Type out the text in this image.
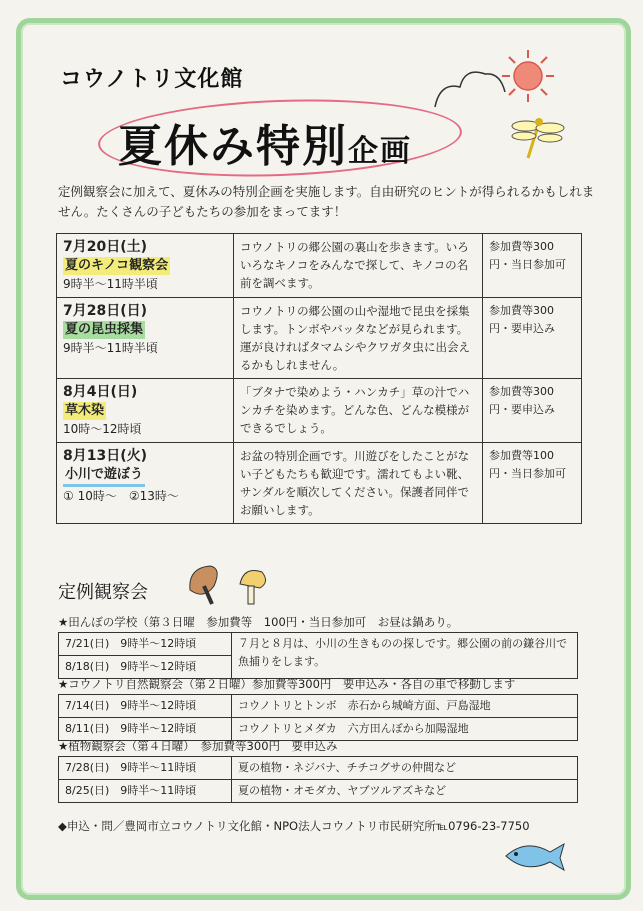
コウノトリ文化館
夏休み特別企画
定例観察会に加えて、夏休みの特別企画を実施します。自由研究のヒントが得られるかもしれません。たくさんの子どもたちの参加をまってます！
7月20日(土)
夏のキノコ観察会
9時半～11時半頃	コウノトリの郷公園の裏山を歩きます。いろいろなキノコをみんなで探して、キノコの名前を調べます。	参加費等300円・当日参加可

7月28日(日)
夏の昆虫採集
9時半～11時半頃	コウノトリの郷公園の山や湿地で昆虫を採集します。トンボやバッタなどが見られます。運が良ければタマムシやクワガタ虫に出会えるかもしれません。	参加費等300円・要申込み

8月4日(日)
草木染
10時～12時頃	「ブタナで染めよう・ハンカチ」草の汁でハンカチを染めます。どんな色、どんな模様ができるでしょう。	参加費等300円・要申込み

8月13日(火)
小川で遊ぼう
① 10時～　②13時～	お盆の特別企画です。川遊びをしたことがない子どもたちも歓迎です。濡れてもよい靴、サンダルを順次してください。保護者同伴でお願いします。	参加費等100円・当日参加可
定例観察会
★田んぼの学校（第３日曜　参加費等　100円・当日参加可　お昼は鍋あり。
7/21(日)　9時半～12時頃	７月と８月は、小川の生きものの探しです。郷公園の前の鎌谷川で魚捕りをします。
8/18(日)　9時半～12時頃
★コウノトリ自然観察会（第２日曜）参加費等300円　要申込み・各自の車で移動します
7/14(日)　9時半～12時頃	コウノトリとトンボ　赤石から城崎方面、戸島湿地
8/11(日)　9時半～12時頃	コウノトリとメダカ　六方田んぼから加陽湿地
★植物観察会（第４日曜）　参加費等300円　要申込み
7/28(日)　9時半～11時頃	夏の植物・ネジバナ、チチコグサの仲間など
8/25(日)　9時半～11時頃	夏の植物・オモダカ、ヤブツルアズキなど
◆申込・問／豊岡市立コウノトリ文化館・NPO法人コウノトリ市民研究所℡0796-23-7750
